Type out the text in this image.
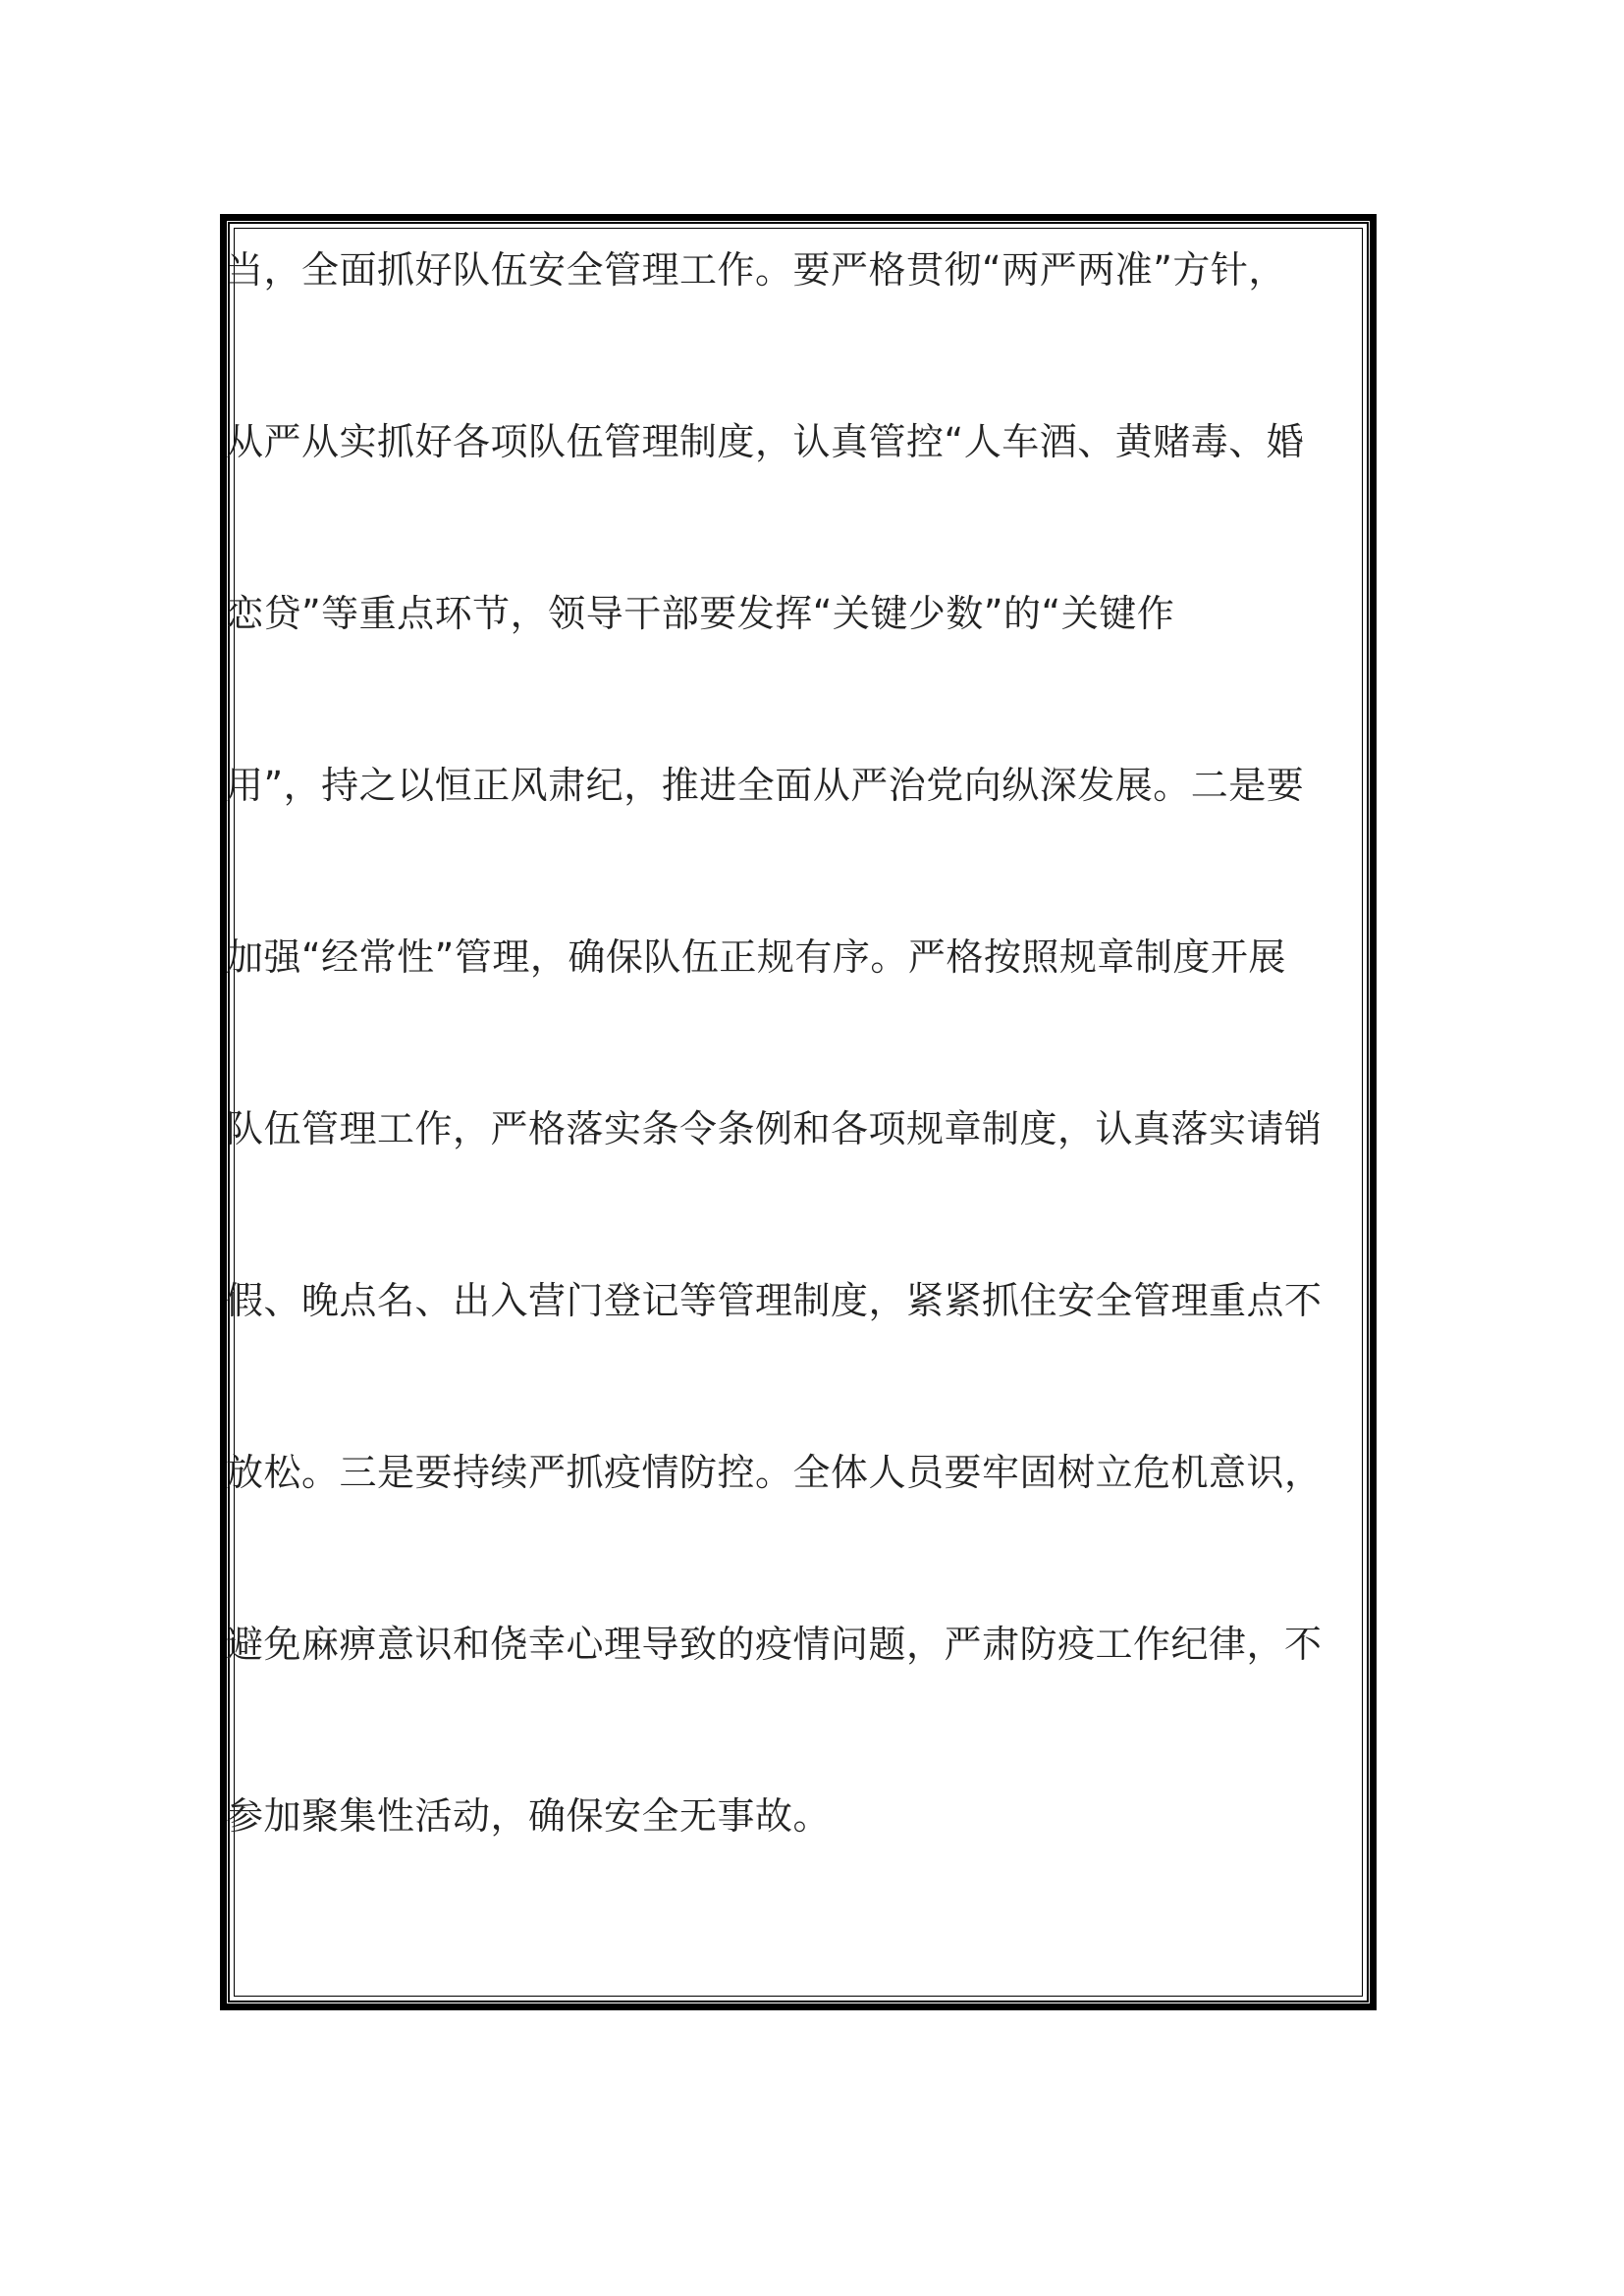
当，全面抓好队伍安全管理工作。要严格贯彻“两严两准”方针，
从严从实抓好各项队伍管理制度，认真管控“人车酒、黄赌毒、婚
恋贷”等重点环节，领导干部要发挥“关键少数”的“关键作
用”，持之以恒正风肃纪，推进全面从严治党向纵深发展。二是要
加强“经常性”管理，确保队伍正规有序。严格按照规章制度开展
队伍管理工作，严格落实条令条例和各项规章制度，认真落实请销
假、晚点名、出入营门登记等管理制度，紧紧抓住安全管理重点不
放松。三是要持续严抓疫情防控。全体人员要牢固树立危机意识，
避免麻痹意识和侥幸心理导致的疫情问题，严肃防疫工作纪律，不
参加聚集性活动，确保安全无事故。
